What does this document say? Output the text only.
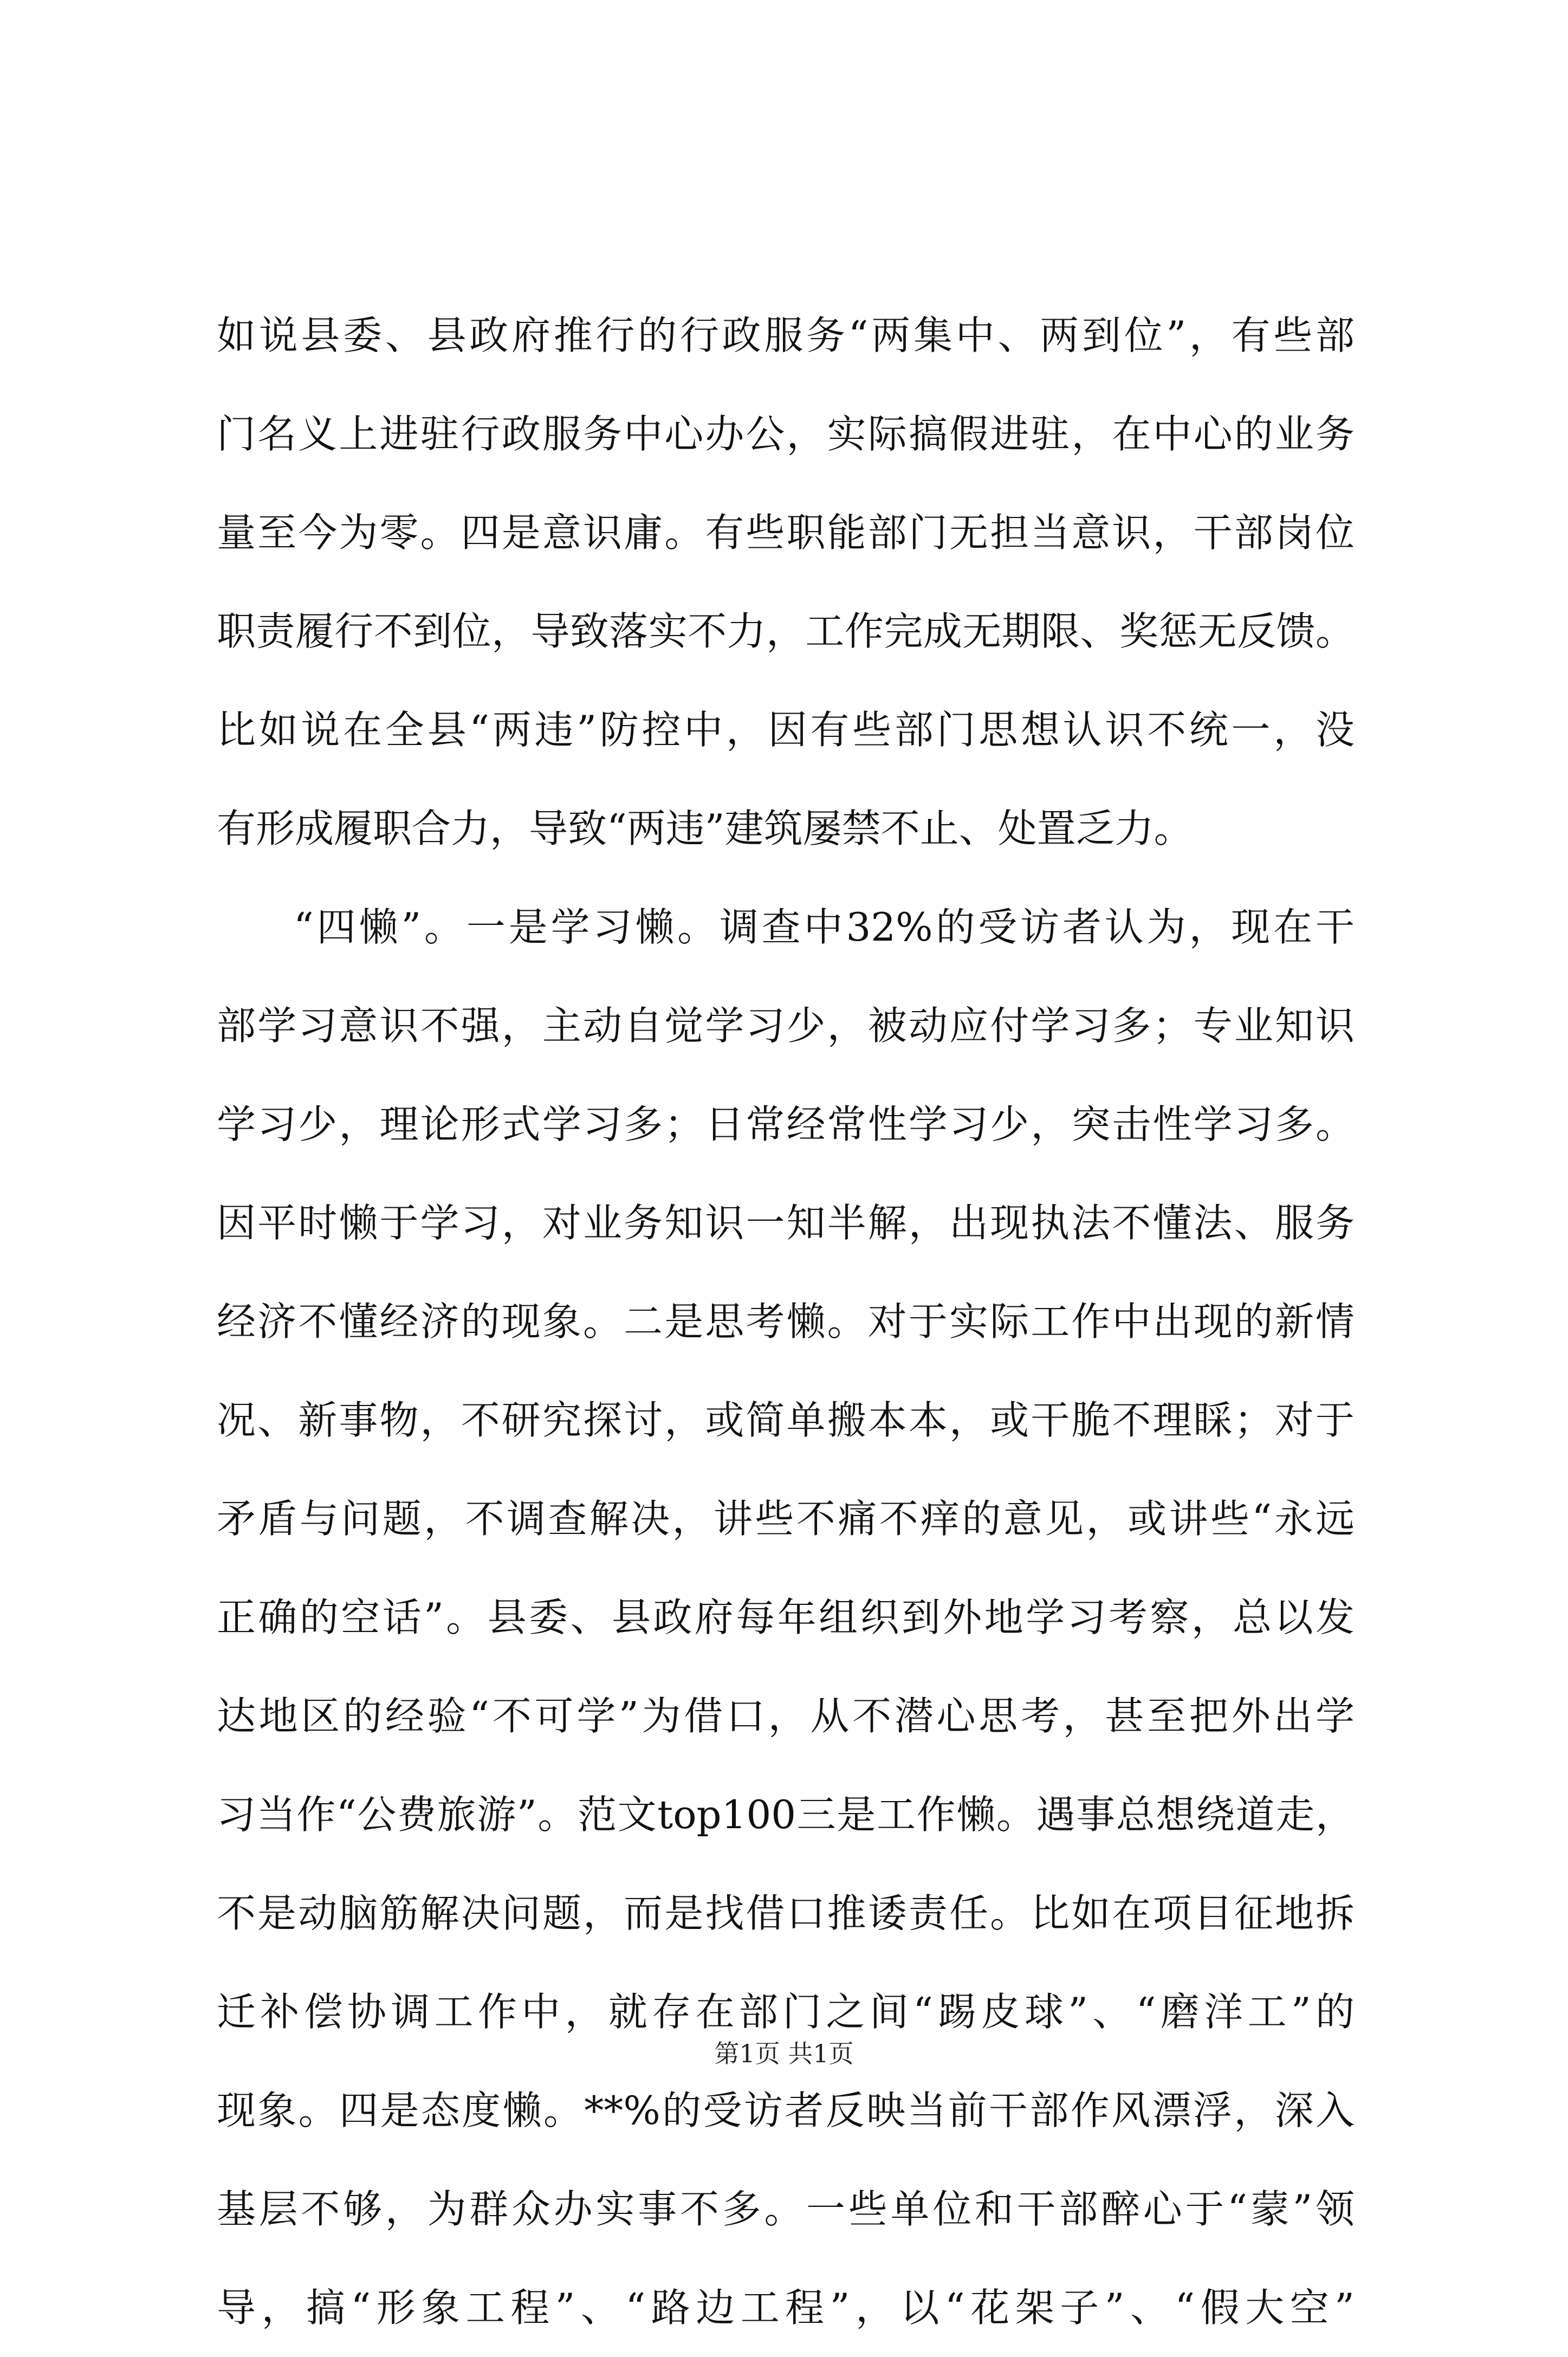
如说县委、县政府推行的行政服务“两集中、两到位”，有些部
门名义上进驻行政服务中心办公，实际搞假进驻，在中心的业务
量至今为零。四是意识庸。有些职能部门无担当意识，干部岗位
职责履行不到位，导致落实不力，工作完成无期限、奖惩无反馈。
比如说在全县“两违”防控中，因有些部门思想认识不统一，没
有形成履职合力，导致“两违”建筑屡禁不止、处置乏力。
“四懒”。一是学习懒。调查中32%的受访者认为，现在干
部学习意识不强，主动自觉学习少，被动应付学习多；专业知识
学习少，理论形式学习多；日常经常性学习少，突击性学习多。
因平时懒于学习，对业务知识一知半解，出现执法不懂法、服务
经济不懂经济的现象。二是思考懒。对于实际工作中出现的新情
况、新事物，不研究探讨，或简单搬本本，或干脆不理睬；对于
矛盾与问题，不调查解决，讲些不痛不痒的意见，或讲些“永远
正确的空话”。县委、县政府每年组织到外地学习考察，总以发
达地区的经验“不可学”为借口，从不潜心思考，甚至把外出学
习当作“公费旅游”。范文top100三是工作懒。遇事总想绕道走，
不是动脑筋解决问题，而是找借口推诿责任。比如在项目征地拆
迁补偿协调工作中，就存在部门之间“踢皮球”、“磨洋工”的
现象。四是态度懒。**%的受访者反映当前干部作风漂浮，深入
基层不够，为群众办实事不多。一些单位和干部醉心于“蒙”领
导，搞“形象工程”、“路边工程”，以“花架子”、“假大空”
第1页 共1页
